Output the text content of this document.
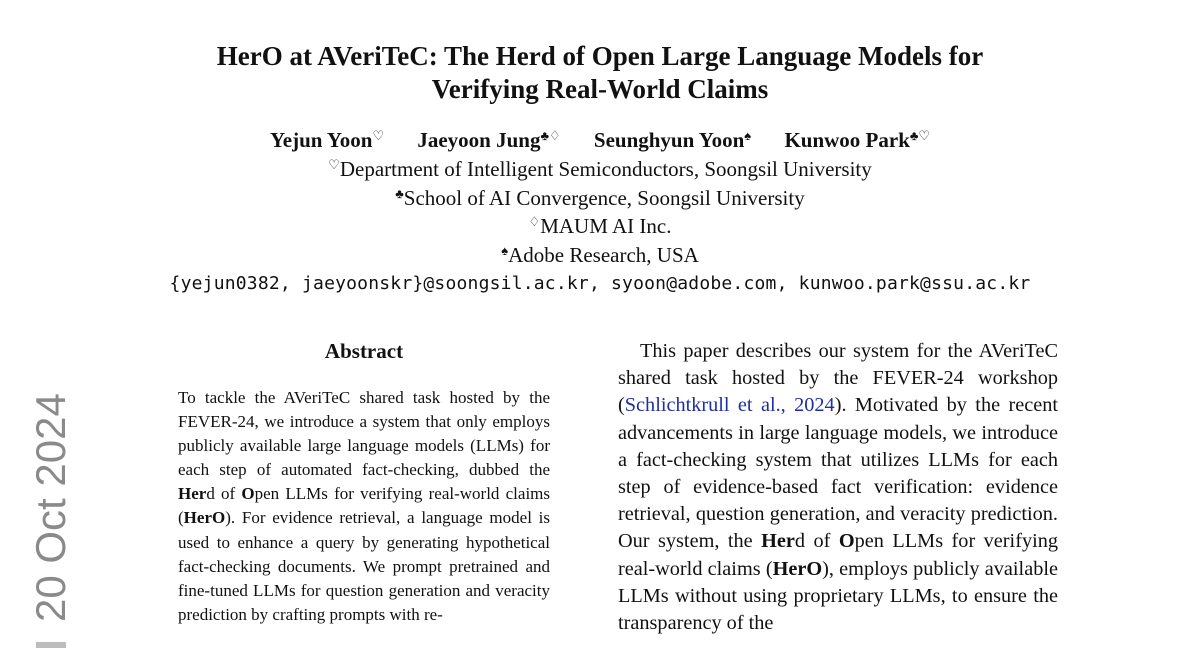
HerO at AVeriTeC: The Herd of Open Large Language Models for
Verifying Real-World Claims
Yejun Yoon♡ Jaeyoon Jung♣♢ Seunghyun Yoon♠ Kunwoo Park♣♡
♡Department of Intelligent Semiconductors, Soongsil University
♣School of AI Convergence, Soongsil University
♢MAUM AI Inc.
♠Adobe Research, USA
{yejun0382, jaeyoonskr}@soongsil.ac.kr, syoon@adobe.com, kunwoo.park@ssu.ac.kr
Abstract
To tackle the AVeriTeC shared task hosted by the FEVER-24, we introduce a system that only employs publicly available large language models (LLMs) for each step of automated fact-checking, dubbed the Herd of Open LLMs for verifying real-world claims (HerO). For evidence retrieval, a language model is used to enhance a query by generating hypothetical fact-checking documents. We prompt pretrained and fine-tuned LLMs for question generation and veracity prediction by crafting prompts with re-

This paper describes our system for the AVeriTeC shared task hosted by the FEVER-24 workshop (Schlichtkrull et al., 2024). Motivated by the recent advancements in large language models, we introduce a fact-checking system that utilizes LLMs for each step of evidence-based fact verification: evidence retrieval, question generation, and veracity prediction. Our system, the Herd of Open LLMs for verifying real-world claims (HerO), employs publicly available LLMs without using proprietary LLMs, to ensure the transparency of the

20 Oct 2024
